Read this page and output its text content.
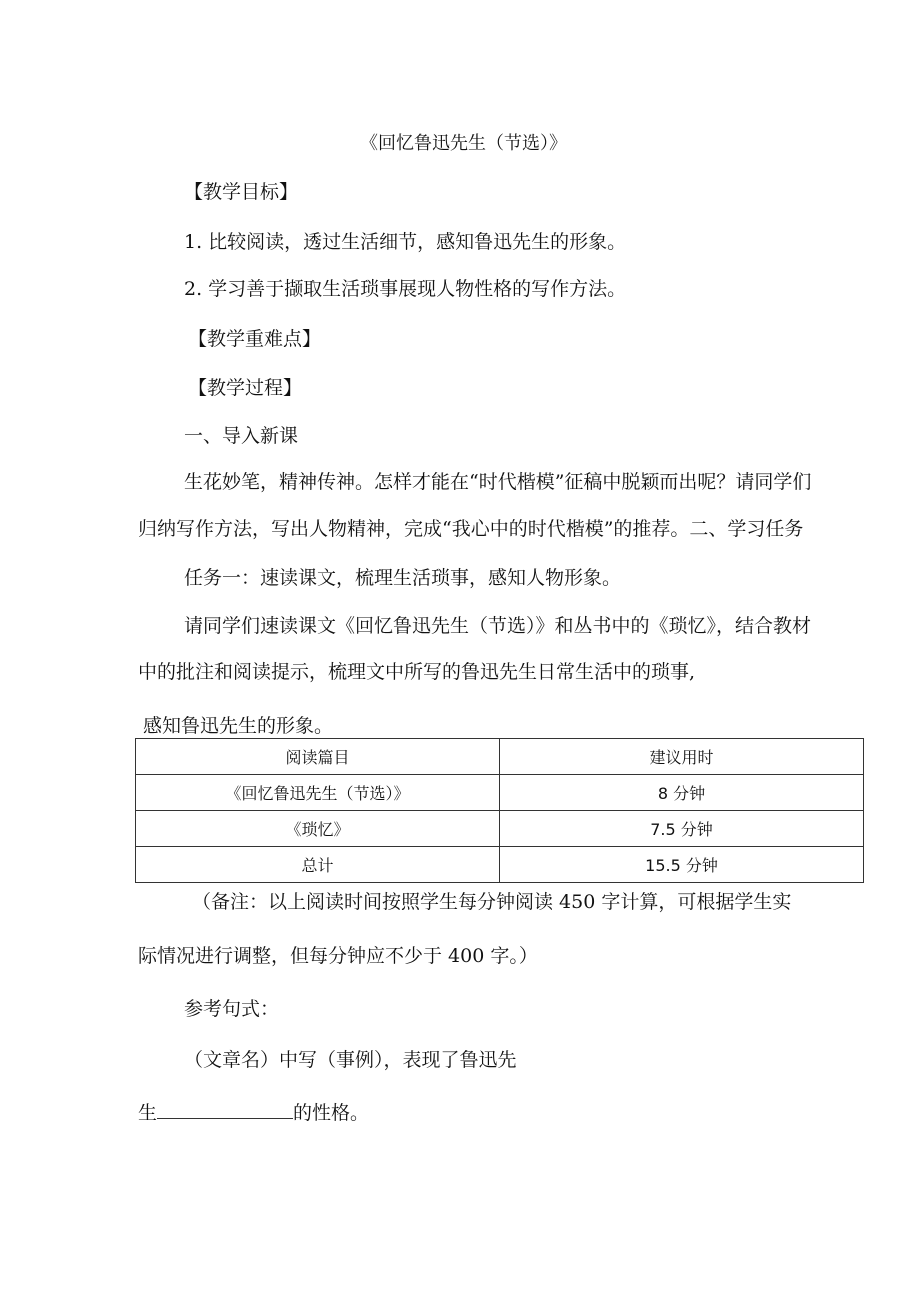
《回忆鲁迅先生（节选）》
【教学目标】
1. 比较阅读，透过生活细节，感知鲁迅先生的形象。
2. 学习善于撷取生活琐事展现人物性格的写作方法。
【教学重难点】
【教学过程】
一、导入新课
生花妙笔，精神传神。怎样才能在“时代楷模”征稿中脱颖而出呢？请同学们
归纳写作方法，写出人物精神，完成“我心中的时代楷模”的推荐。二、学习任务
任务一：速读课文，梳理生活琐事，感知人物形象。
请同学们速读课文《回忆鲁迅先生（节选）》和丛书中的《琐忆》，结合教材
中的批注和阅读提示，梳理文中所写的鲁迅先生日常生活中的琐事,
感知鲁迅先生的形象。
阅读篇目	建议用时
《回忆鲁迅先生（节选）》	8 分钟
《琐忆》	7.5 分钟
总计	15.5 分钟
（备注：以上阅读时间按照学生每分钟阅读 450 字计算，可根据学生实
际情况进行调整，但每分钟应不少于 400 字。）
参考句式：
（文章名）中写（事例），表现了鲁迅先
生	的性格。
